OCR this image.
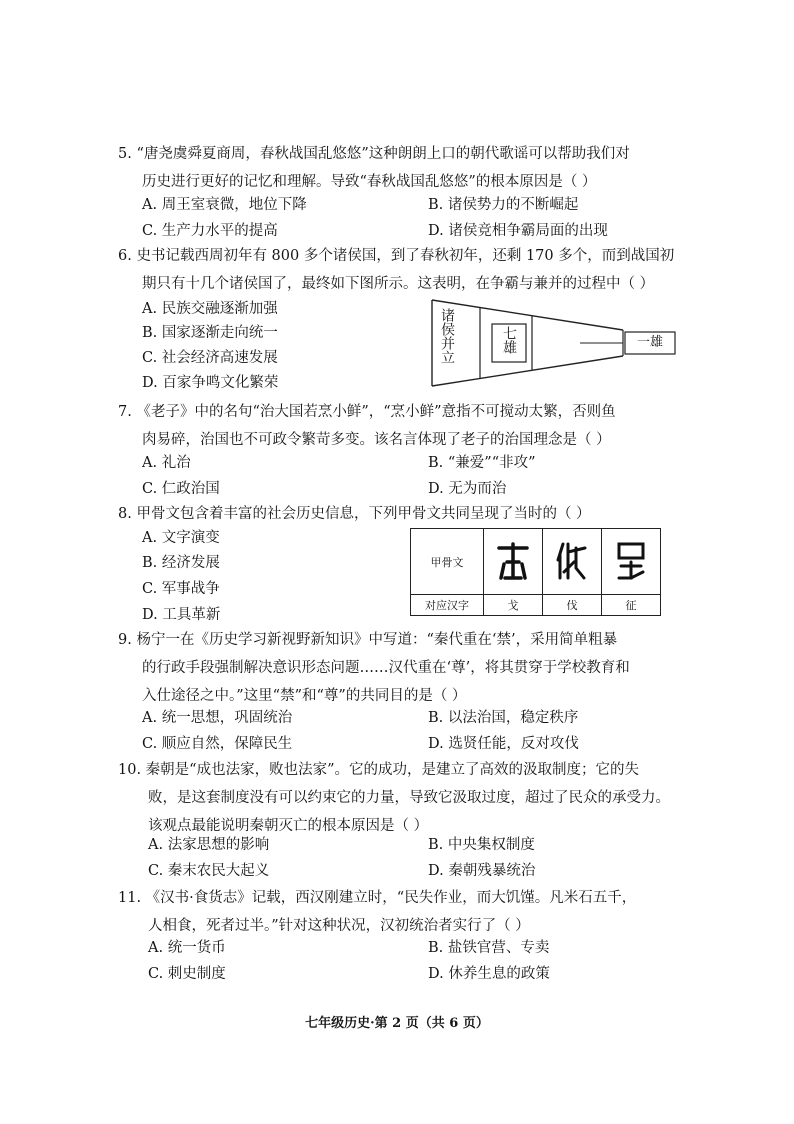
5. “唐尧虞舜夏商周，春秋战国乱悠悠”这种朗朗上口的朝代歌谣可以帮助我们对
历史进行更好的记忆和理解。导致“春秋战国乱悠悠”的根本原因是（ ）
A. 周王室衰微，地位下降	B. 诸侯势力的不断崛起
C. 生产力水平的提高	D. 诸侯竞相争霸局面的出现
6. 史书记载西周初年有 800 多个诸侯国，到了春秋初年，还剩 170 多个，而到战国初
期只有十几个诸侯国了，最终如下图所示。这表明，在争霸与兼并的过程中（ ）
A. 民族交融逐渐加强
B. 国家逐渐走向统一
C. 社会经济高速发展
D. 百家争鸣文化繁荣
诸侯并立	七雄	一雄
7. 《老子》中的名句“治大国若烹小鲜”，“烹小鲜”意指不可搅动太繁，否则鱼
肉易碎，治国也不可政令繁苛多变。该名言体现了老子的治国理念是（ ）
A. 礼治	B. “兼爱”“非攻”
C. 仁政治国	D. 无为而治
8. 甲骨文包含着丰富的社会历史信息，下列甲骨文共同呈现了当时的（ ）
A. 文字演变
B. 经济发展
C. 军事战争
D. 工具革新
甲骨文			
对应汉字	戈	伐	征
9. 杨宁一在《历史学习新视野新知识》中写道：“秦代重在‘禁’，采用简单粗暴
的行政手段强制解决意识形态问题……汉代重在‘尊’，将其贯穿于学校教育和
入仕途径之中。”这里“禁”和“尊”的共同目的是（ ）
A. 统一思想，巩固统治	B. 以法治国，稳定秩序
C. 顺应自然，保障民生	D. 选贤任能，反对攻伐
10. 秦朝是“成也法家，败也法家”。它的成功，是建立了高效的汲取制度；它的失
败，是这套制度没有可以约束它的力量，导致它汲取过度，超过了民众的承受力。
该观点最能说明秦朝灭亡的根本原因是（ ）
A. 法家思想的影响	B. 中央集权制度
C. 秦末农民大起义	D. 秦朝残暴统治
11. 《汉书·食货志》记载，西汉刚建立时，“民失作业，而大饥馑。凡米石五千，
人相食，死者过半。”针对这种状况，汉初统治者实行了（ ）
A. 统一货币	B. 盐铁官营、专卖
C. 刺史制度	D. 休养生息的政策
七年级历史·第 2 页（共 6 页）
